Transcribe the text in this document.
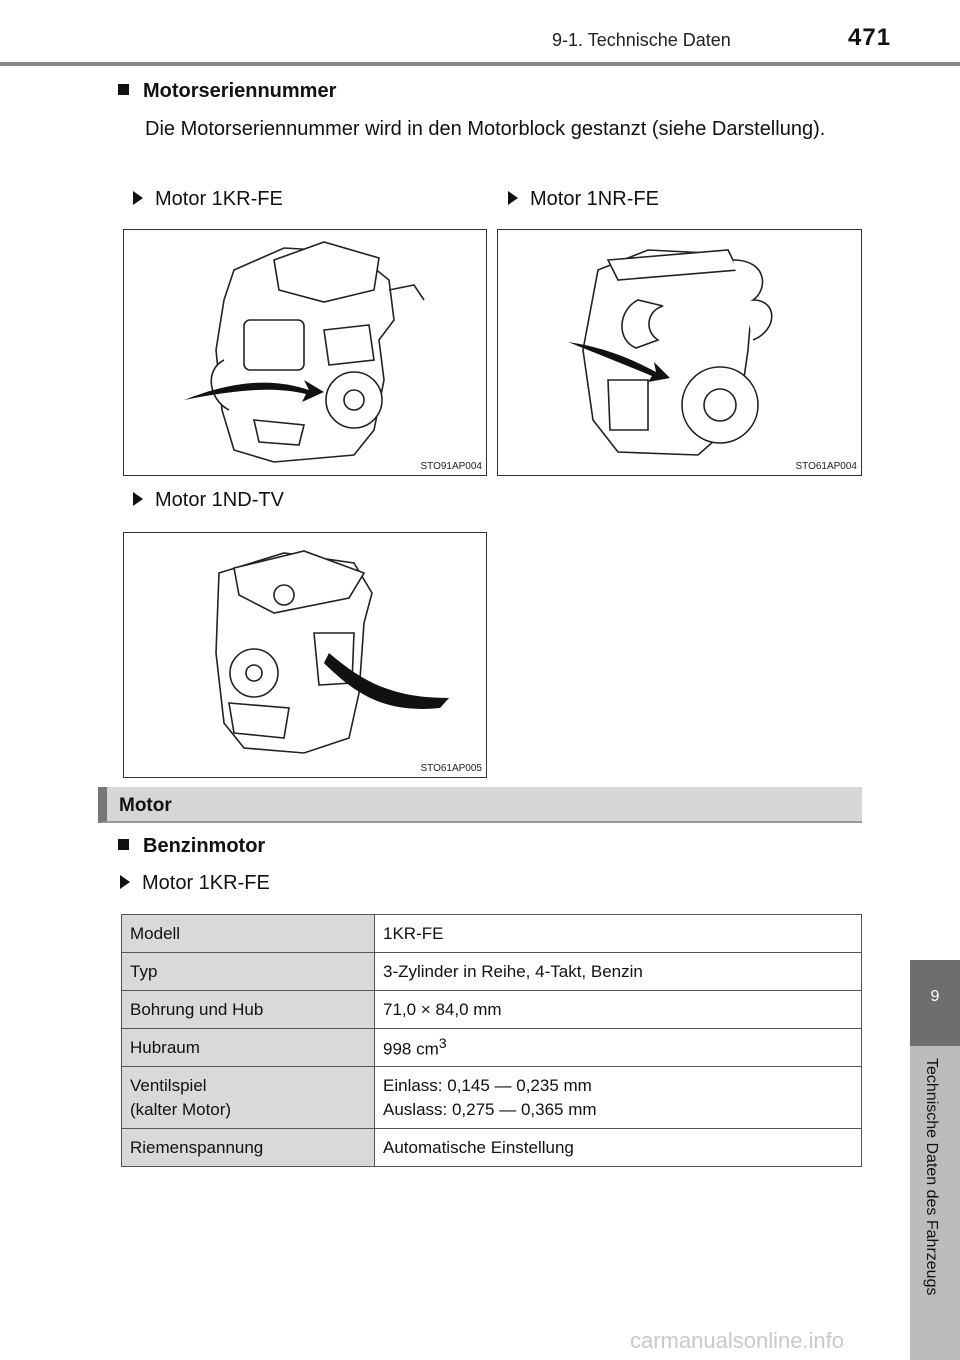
9-1. Technische Daten	471
Motorseriennummer
Die Motorseriennummer wird in den Motorblock gestanzt (siehe Darstellung).
Motor 1KR-FE	Motor 1NR-FE
STO91AP004	STO61AP004
Motor 1ND-TV
STO61AP005
Motor
Benzinmotor
Motor 1KR-FE
Modell	1KR-FE
Typ	3-Zylinder in Reihe, 4-Takt, Benzin
Bohrung und Hub	71,0 × 84,0 mm
Hubraum	998 $cm^3$

Ventilspiel
(kalter Motor)	Einlass: 0,145 — 0,235 mm
Auslass: 0,275 — 0,365 mm

Riemenspannung	Automatische Einstellung
9
Technische Daten des Fahrzeugs
carmanualsonline.info
